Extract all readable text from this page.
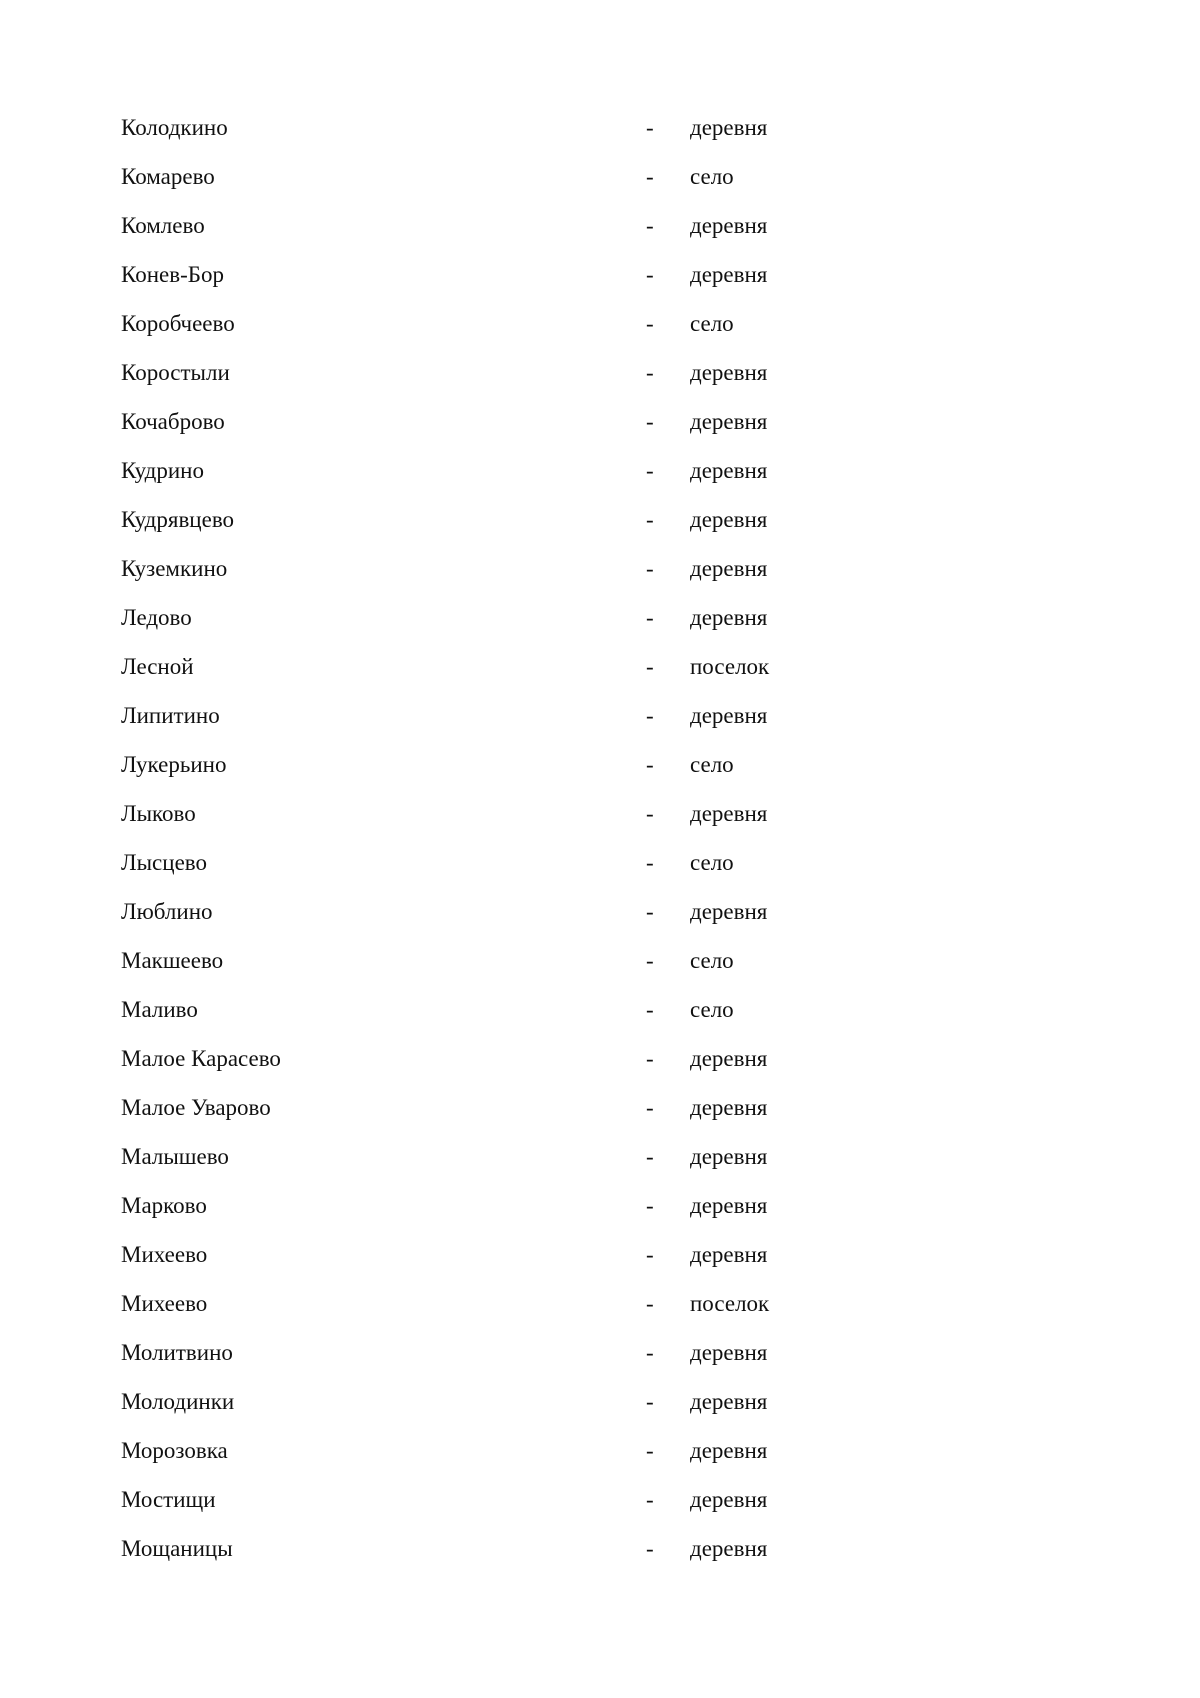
Колодкино	- деревня
Комарево	- село
Комлево	- деревня
Конев-Бор	- деревня
Коробчеево	- село
Коростыли	- деревня
Кочаброво	- деревня
Кудрино	- деревня
Кудрявцево	- деревня
Куземкино	- деревня
Ледово	- деревня
Лесной	- поселок
Липитино	- деревня
Лукерьино	- село
Лыково	- деревня
Лысцево	- село
Люблино	- деревня
Макшеево	- село
Маливо	- село
Малое Карасево	- деревня
Малое Уварово	- деревня
Малышево	- деревня
Марково	- деревня
Михеево	- деревня
Михеево	- поселок
Молитвино	- деревня
Молодинки	- деревня
Морозовка	- деревня
Мостищи	- деревня
Мощаницы	- деревня
